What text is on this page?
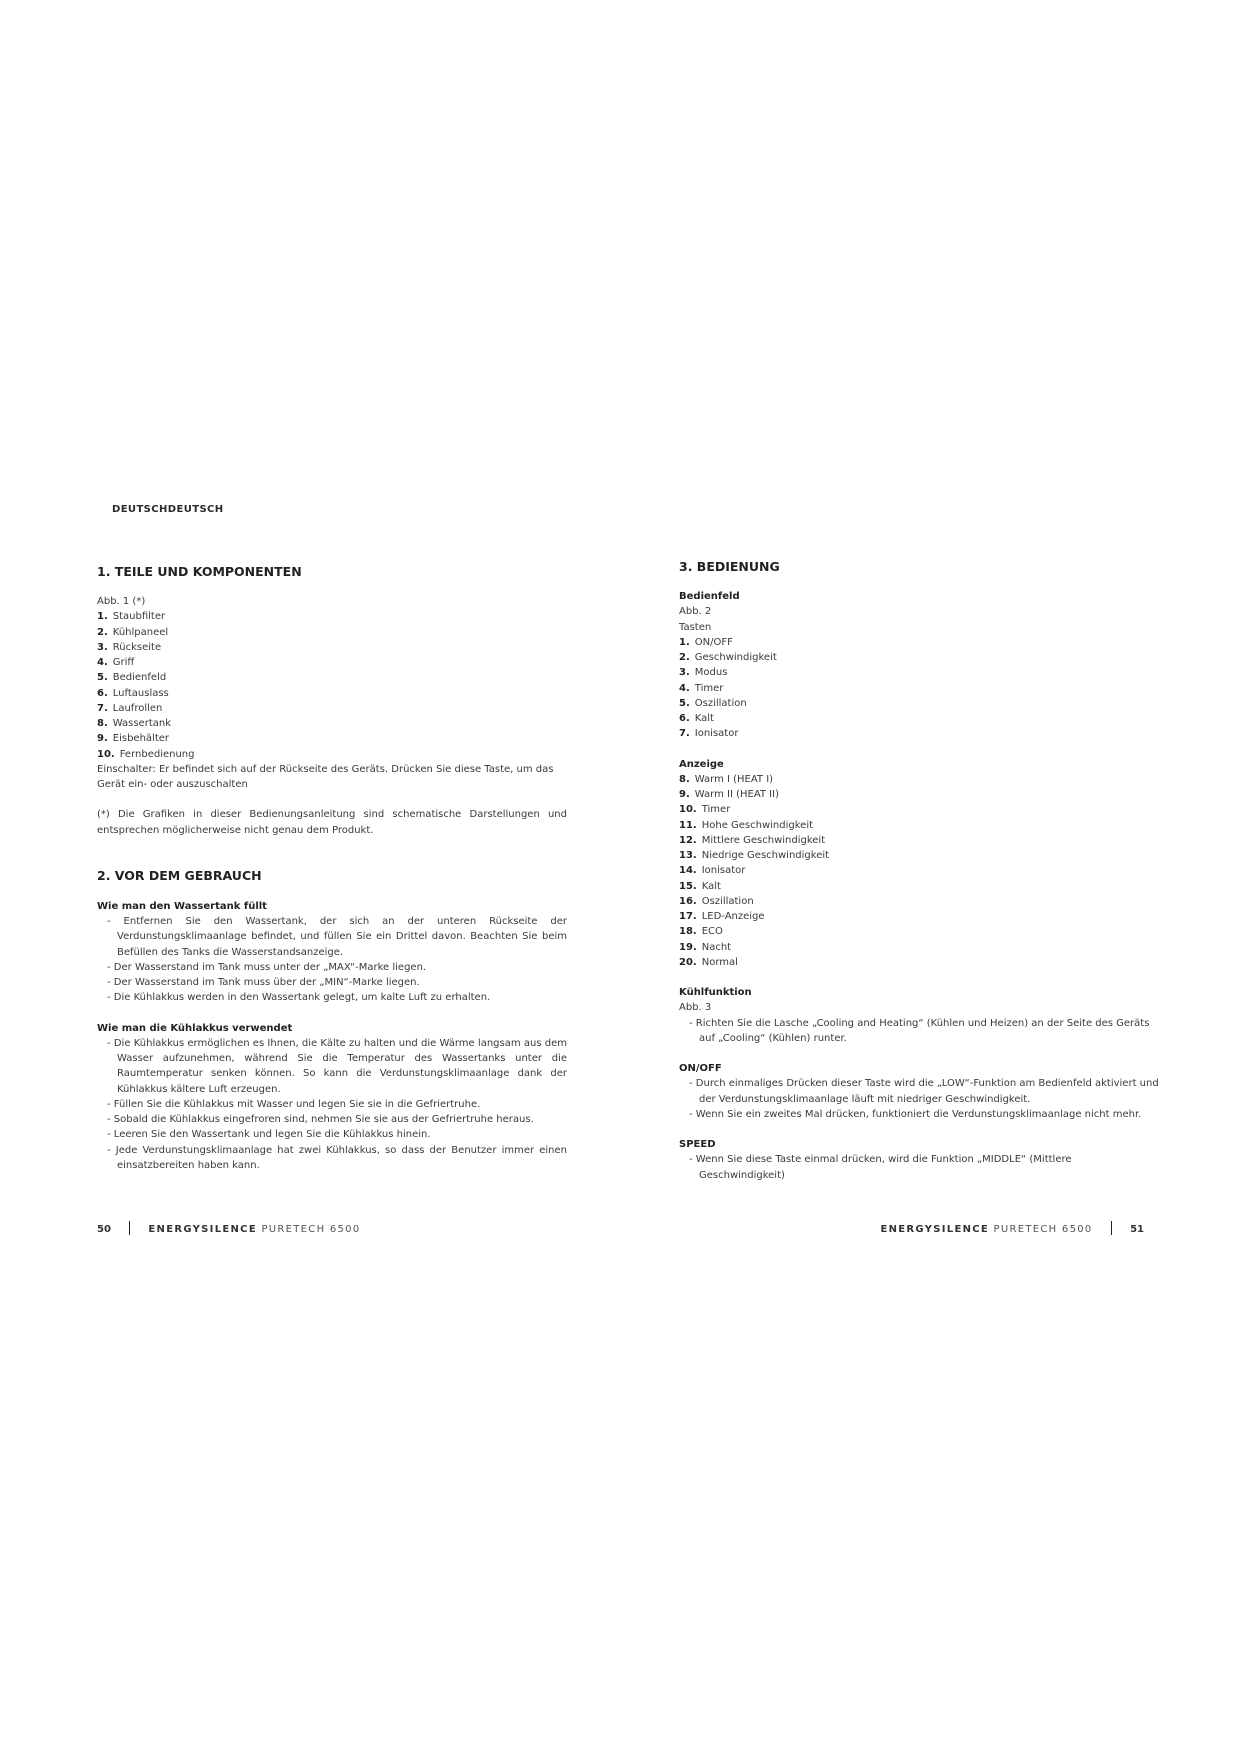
DEUTSCHDEUTSCH
1. TEILE UND KOMPONENTEN

Abb. 1 (*)

1. Staubfilter
2. Kühlpaneel
3. Rückseite
4. Griff
5. Bedienfeld
6. Luftauslass
7. Laufrollen
8. Wassertank
9. Eisbehälter
10. Fernbedienung

Einschalter: Er befindet sich auf der Rückseite des Geräts. Drücken Sie diese Taste, um das Gerät ein- oder auszuschalten

(*) Die Grafiken in dieser Bedienungsanleitung sind schematische Darstellungen und entsprechen möglicherweise nicht genau dem Produkt.

2. VOR DEM GEBRAUCH
Wie man den Wassertank füllt
- Entfernen Sie den Wassertank, der sich an der unteren Rückseite der Verdunstungsklimaanlage befindet, und füllen Sie ein Drittel davon. Beachten Sie beim Befüllen des Tanks die Wasserstandsanzeige.
- Der Wasserstand im Tank muss unter der „MAX“-Marke liegen.
- Der Wasserstand im Tank muss über der „MIN“-Marke liegen.
- Die Kühlakkus werden in den Wassertank gelegt, um kalte Luft zu erhalten.
Wie man die Kühlakkus verwendet
- Die Kühlakkus ermöglichen es Ihnen, die Kälte zu halten und die Wärme langsam aus dem Wasser aufzunehmen, während Sie die Temperatur des Wassertanks unter die Raumtemperatur senken können. So kann die Verdunstungsklimaanlage dank der Kühlakkus kältere Luft erzeugen.
- Füllen Sie die Kühlakkus mit Wasser und legen Sie sie in die Gefriertruhe.
- Sobald die Kühlakkus eingefroren sind, nehmen Sie sie aus der Gefriertruhe heraus.
- Leeren Sie den Wassertank und legen Sie die Kühlakkus hinein.
- Jede Verdunstungsklimaanlage hat zwei Kühlakkus, so dass der Benutzer immer einen einsatzbereiten haben kann.
3. BEDIENUNG
Bedienfeld

Abb. 2

Tasten

1. ON/OFF
2. Geschwindigkeit
3. Modus
4. Timer
5. Oszillation
6. Kalt
7. Ionisator
Anzeige
8. Warm I (HEAT I)
9. Warm II (HEAT II)
10. Timer
11. Hohe Geschwindigkeit
12. Mittlere Geschwindigkeit
13. Niedrige Geschwindigkeit
14. Ionisator
15. Kalt
16. Oszillation
17. LED-Anzeige
18. ECO
19. Nacht
20. Normal
Kühlfunktion

Abb. 3

- Richten Sie die Lasche „Cooling and Heating“ (Kühlen und Heizen) an der Seite des Geräts auf „Cooling“ (Kühlen) runter.
ON/OFF
- Durch einmaliges Drücken dieser Taste wird die „LOW“-Funktion am Bedienfeld aktiviert und der Verdunstungsklimaanlage läuft mit niedriger Geschwindigkeit.
- Wenn Sie ein zweites Mal drücken, funktioniert die Verdunstungsklimaanlage nicht mehr.
SPEED
- Wenn Sie diese Taste einmal drücken, wird die Funktion „MIDDLE“ (Mittlere Geschwindigkeit)
50	ENERGYSILENCE PURETECH 6500	ENERGYSILENCE PURETECH 6500	51
